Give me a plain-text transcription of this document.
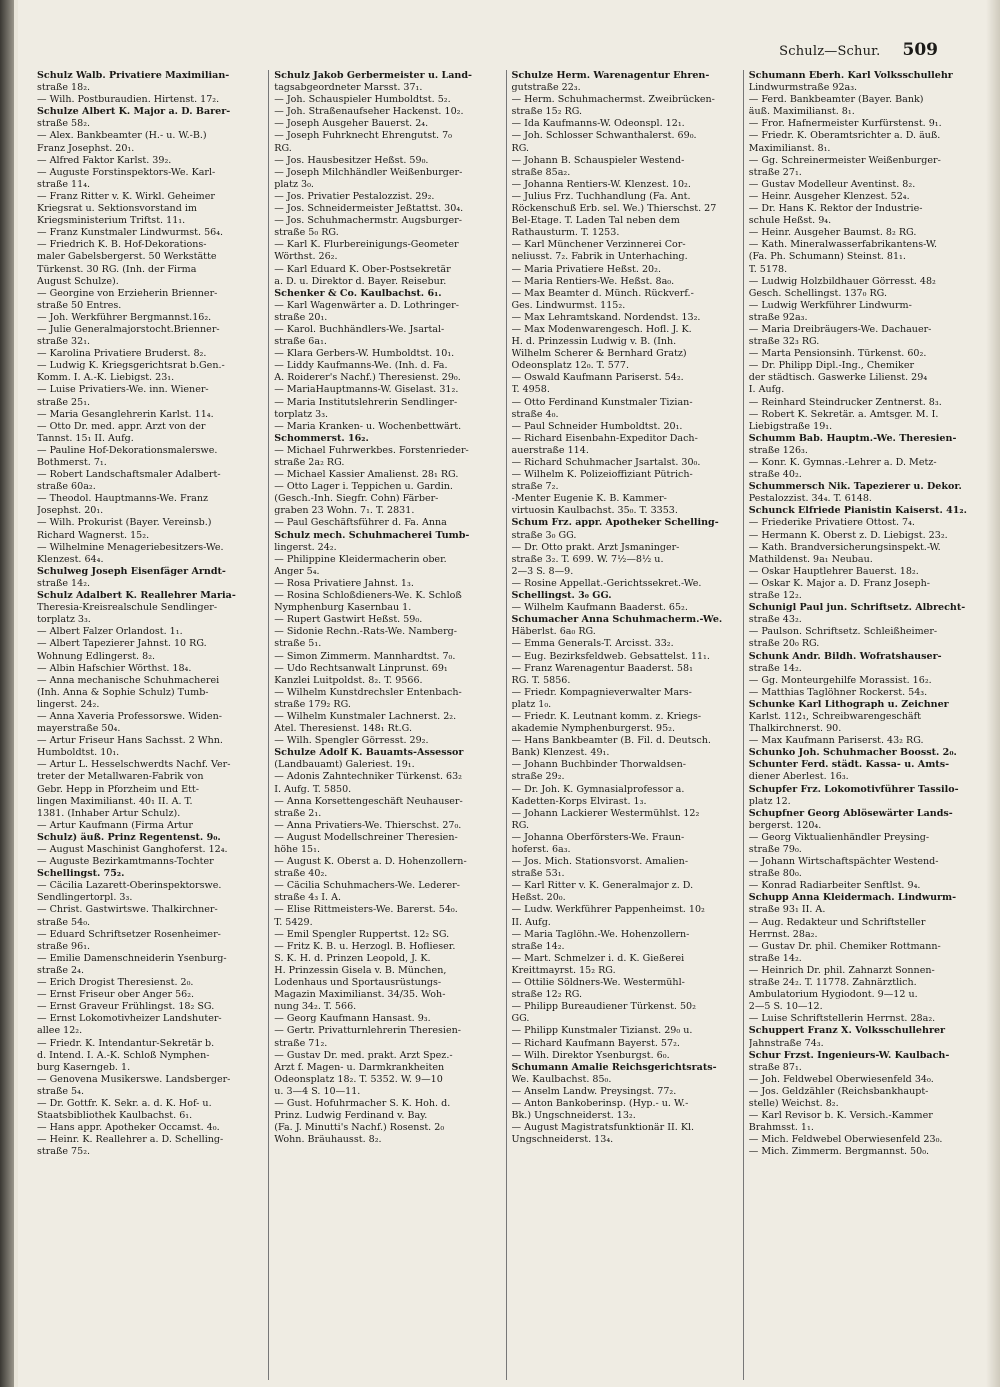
Schulz—Schur. 509
Schulz Walb. Privatiere Maximilian-
straße 18₂.
— Wilh. Postburaudien. Hirtenst. 17₂.
Schulze Albert K. Major a. D. Barer-
straße 58₂.
— Alex. Bankbeamter (H.- u. W.-B.)
Franz Josephst. 20₁.
— Alfred Faktor Karlst. 39₂.
— Auguste Forstinspektors-We. Karl-
straße 11₄.
— Franz Ritter v. K. Wirkl. Geheimer
Kriegsrat u. Sektionsvorstand im
Kriegsministerium Triftst. 11₁.
— Franz Kunstmaler Lindwurmst. 56₄.
— Friedrich K. B. Hof-Dekorations-
maler Gabelsbergerst. 50 Werkstätte
Türkenst. 30 RG. (Inh. der Firma
August Schulze).
— Georgine von Erzieherin Brienner-
straße 50 Entres.
— Joh. Werkführer Bergmannst.16₂.
— Julie Generalmajorstocht.Brienner-
straße 32₁.
— Karolina Privatiere Bruderst. 8₂.
— Ludwig K. Kriegsgerichtsrat b.Gen.-
Komm. I. A.-K. Liebigst. 23₁.
— Luise Privatiers-We. inn. Wiener-
straße 25₁.
— Maria Gesanglehrerin Karlst. 11₄.
— Otto Dr. med. appr. Arzt von der
Tannst. 15₁ II. Aufg.
— Pauline Hof-Dekorationsmalerswe.
Bothmerst. 7₁.
— Robert Landschaftsmaler Adalbert-
straße 60a₂.
— Theodol. Hauptmanns-We. Franz
Josephst. 20₁.
— Wilh. Prokurist (Bayer. Vereinsb.)
Richard Wagnerst. 15₂.
— Wilhelmine Menageriebesitzers-We.
Klenzest. 64₄.
Schulweg Joseph Eisenfäger Arndt-
straße 14₂.
Schulz Adalbert K. Reallehrer Maria-
Theresia-Kreisrealschule Sendlinger-
torplatz 3₃.
— Albert Falzer Orlandost. 1₁.
— Albert Tapezierer Jahnst. 10 RG.
Wohnung Edlingerst. 8₂.
— Albin Hafschier Wörthst. 18₄.
— Anna mechanische Schuhmacherei
(Inh. Anna & Sophie Schulz) Tumb-
lingerst. 24₂.
— Anna Xaveria Professorswe. Widen-
mayerstraße 50₄.
— Artur Friseur Hans Sachsst. 2 Whn.
Humboldtst. 10₁.
— Artur L. Hesselschwerdts Nachf. Ver-
treter der Metallwaren-Fabrik von
Gebr. Hepp in Pforzheim und Ett-
lingen Maximilianst. 40₁ II. A. T.
1381. (Inhaber Artur Schulz).
— Artur Kaufmann (Firma Artur
Schulz) äuß. Prinz Regentenst. 9₀.
— August Maschinist Ganghoferst. 12₄.
— Auguste Bezirkamtmanns-Tochter
Schellingst. 75₂.
— Cäcilia Lazarett-Oberinspektorswe.
Sendlingertorpl. 3₃.
— Christ. Gastwirtswe. Thalkirchner-
straße 54₀.
— Eduard Schriftsetzer Rosenheimer-
straße 96₁.
— Emilie Damenschneiderin Ysenburg-
straße 2₄.
— Erich Drogist Theresienst. 2₀.
— Ernst Friseur ober Anger 56₂.
— Ernst Graveur Frühlingst. 18₂ SG.
— Ernst Lokomotivheizer Landshuter-
allee 12₂.
— Friedr. K. Intendantur-Sekretär b.
d. Intend. I. A.-K. Schloß Nymphen-
burg Kaserngeb. 1.
— Genovena Musikerswe. Landsberger-
straße 5₄.
— Dr. Gottfr. K. Sekr. a. d. K. Hof- u.
Staatsbibliothek Kaulbachst. 6₁.
— Hans appr. Apotheker Occamst. 4₀.
— Heinr. K. Reallehrer a. D. Schelling-
straße 75₂.
Schulz Jakob Gerbermeister u. Land-
tagsabgeordneter Marsst. 37₁.
— Joh. Schauspieler Humboldtst. 5₂.
— Joh. Straßenaufseher Hackenst. 10₂.
— Joseph Ausgeher Bauerst. 2₄.
— Joseph Fuhrknecht Ehrengutst. 7₀
RG.
— Jos. Hausbesitzer Heßst. 59₀.
— Joseph Milchhändler Weißenburger-
platz 3₀.
— Jos. Privatier Pestalozzist. 29₂.
— Jos. Schneidermeister Jeßtattst. 30₄.
— Jos. Schuhmachermstr. Augsburger-
straße 5₀ RG.
— Karl K. Flurbereinigungs-Geometer
Wörthst. 26₂.
— Karl Eduard K. Ober-Postsekretär
a. D. u. Direktor d. Bayer. Reisebur.
Schenker & Co. Kaulbachst. 6₁.
— Karl Wagenwärter a. D. Lothringer-
straße 20₁.
— Karol. Buchhändlers-We. Jsartal-
straße 6a₁.
— Klara Gerbers-W. Humboldtst. 10₁.
— Liddy Kaufmanns-We. (Inh. d. Fa.
A. Roiderer's Nachf.) Theresienst. 29₀.
— MariaHauptmanns-W. Giselast. 31₂.
— Maria Institutslehrerin Sendlinger-
torplatz 3₃.
— Maria Kranken- u. Wochenbettwärt.
Schommerst. 16₂.
— Michael Fuhrwerkbes. Forstenrieder-
straße 2a₂ RG.
— Michael Kassier Amalienst. 28₁ RG.
— Otto Lager i. Teppichen u. Gardin.
(Gesch.-Inh. Siegfr. Cohn) Färber-
graben 23 Wohn. 7₁. T. 2831.
— Paul Geschäftsführer d. Fa. Anna
Schulz mech. Schuhmacherei Tumb-
lingerst. 24₂.
— Philippine Kleidermacherin ober.
Anger 5₄.
— Rosa Privatiere Jahnst. 1₃.
— Rosina Schloßdieners-We. K. Schloß
Nymphenburg Kasernbau 1.
— Rupert Gastwirt Heßst. 59₀.
— Sidonie Rechn.-Rats-We. Namberg-
straße 5₁.
— Simon Zimmerm. Mannhardtst. 7₀.
— Udo Rechtsanwalt Linprunst. 69₁
Kanzlei Luitpoldst. 8₂. T. 9566.
— Wilhelm Kunstdrechsler Entenbach-
straße 179₂ RG.
— Wilhelm Kunstmaler Lachnerst. 2₂.
Atel. Theresienst. 148₁ Rt.G.
— Wilh. Spengler Görresst. 29₂.
Schulze Adolf K. Bauamts-Assessor
(Landbauamt) Galeriest. 19₁.
— Adonis Zahntechniker Türkenst. 63₂
I. Aufg. T. 5850.
— Anna Korsettengeschäft Neuhauser-
straße 2₁.
— Anna Privatiers-We. Thierschst. 27₀.
— August Modellschreiner Theresien-
höhe 15₁.
— August K. Oberst a. D. Hohenzollern-
straße 40₂.
— Cäcilia Schuhmachers-We. Lederer-
straße 4₃ I. A.
— Elise Rittmeisters-We. Barerst. 54₀.
T. 5429.
— Emil Spengler Ruppertst. 12₂ SG.
— Fritz K. B. u. Herzogl. B. Hoflieser.
S. K. H. d. Prinzen Leopold, J. K.
H. Prinzessin Gisela v. B. München,
Lodenhaus und Sportausrüstungs-
Magazin Maximilianst. 34/35. Woh-
nung 34₂. T. 566.
— Georg Kaufmann Hansast. 9₃.
— Gertr. Privatturnlehrerin Theresien-
straße 71₂.
— Gustav Dr. med. prakt. Arzt Spez.-
Arzt f. Magen- u. Darmkrankheiten
Odeonsplatz 18₂. T. 5352. W. 9—10
u. 3—4 S. 10—11.
— Gust. Hofuhrmacher S. K. Hoh. d.
Prinz. Ludwig Ferdinand v. Bay.
(Fa. J. Minutti's Nachf.) Rosenst. 2₀
Wohn. Bräuhausst. 8₂.
Schulze Herm. Warenagentur Ehren-
gutstraße 22₃.
— Herm. Schuhmachermst. Zweibrücken-
straße 15₂ RG.
— Ida Kaufmanns-W. Odeonspl. 12₁.
— Joh. Schlosser Schwanthalerst. 69₀.
RG.
— Johann B. Schauspieler Westend-
straße 85a₂.
— Johanna Rentiers-W. Klenzest. 10₂.
— Julius Frz. Tuchhandlung (Fa. Ant.
Röckenschuß Erb. sel. We.) Thierschst. 27
Bel-Etage. T. Laden Tal neben dem
Rathausturm. T. 1253.
— Karl Münchener Verzinnerei Cor-
neliusst. 7₂. Fabrik in Unterhaching.
— Maria Privatiere Heßst. 20₂.
— Maria Rentiers-We. Heßst. 8a₀.
— Max Beamter d. Münch. Rückverf.-
Ges. Lindwurmst. 115₂.
— Max Lehramtskand. Nordendst. 13₂.
— Max Modenwarengesch. Hofl. J. K.
H. d. Prinzessin Ludwig v. B. (Inh.
Wilhelm Scherer & Bernhard Gratz)
Odeonsplatz 12₀. T. 577.
— Oswald Kaufmann Pariserst. 54₂.
T. 4958.
— Otto Ferdinand Kunstmaler Tizian-
straße 4₀.
— Paul Schneider Humboldtst. 20₁.
— Richard Eisenbahn-Expeditor Dach-
auerstraße 114.
— Richard Schuhmacher Jsartalst. 30₀.
— Wilhelm K. Polizeioffiziant Pütrich-
straße 7₂.
-Menter Eugenie K. B. Kammer-
virtuosin Kaulbachst. 35₀. T. 3353.
Schum Frz. appr. Apotheker Schelling-
straße 3₀ GG.
— Dr. Otto prakt. Arzt Jsmaninger-
straße 3₂. T. 699. W. 7½—8½ u.
2—3 S. 8—9.
— Rosine Appellat.-Gerichtssekret.-We.
Schellingst. 3₀ GG.
— Wilhelm Kaufmann Baaderst. 65₂.
Schumacher Anna Schuhmacherm.-We.
Häberlst. 6a₀ RG.
— Emma Generals-T. Arcisst. 33₂.
— Eug. Bezirksfeldweb. Gebsattelst. 11₁.
— Franz Warenagentur Baaderst. 58₁
RG. T. 5856.
— Friedr. Kompagnieverwalter Mars-
platz 1₀.
— Friedr. K. Leutnant komm. z. Kriegs-
akademie Nymphenburgerst. 95₂.
— Hans Bankbeamter (B. Fil. d. Deutsch.
Bank) Klenzest. 49₁.
— Johann Buchbinder Thorwaldsen-
straße 29₂.
— Dr. Joh. K. Gymnasialprofessor a.
Kadetten-Korps Elvirast. 1₃.
— Johann Lackierer Westermühlst. 12₂
RG.
— Johanna Oberförsters-We. Fraun-
hoferst. 6a₃.
— Jos. Mich. Stationsvorst. Amalien-
straße 53₁.
— Karl Ritter v. K. Generalmajor z. D.
Heßst. 20₀.
— Ludw. Werkführer Pappenheimst. 10₂
II. Aufg.
— Maria Taglöhn.-We. Hohenzollern-
straße 14₂.
— Mart. Schmelzer i. d. K. Gießerei
Kreittmayrst. 15₂ RG.
— Ottilie Söldners-We. Westermühl-
straße 12₂ RG.
— Philipp Bureaudiener Türkenst. 50₂
GG.
— Philipp Kunstmaler Tizianst. 29₀ u.
— Richard Kaufmann Bayerst. 57₂.
— Wilh. Direktor Ysenburgst. 6₀.
Schumann Amalie Reichsgerichtsrats-
We. Kaulbachst. 85₀.
— Anselm Landw. Preysingst. 77₂.
— Anton Bankoberinsp. (Hyp.- u. W.-
Bk.) Ungschneiderst. 13₂.
— August Magistratsfunktionär II. Kl.
Ungschneiderst. 13₄.
Schumann Eberh. Karl Volksschullehr
Lindwurmstraße 92a₃.
— Ferd. Bankbeamter (Bayer. Bank)
äuß. Maximilianst. 8₁.
— Fror. Hafnermeister Kurfürstenst. 9₁.
— Friedr. K. Oberamtsrichter a. D. äuß.
Maximilianst. 8₁.
— Gg. Schreinermeister Weißenburger-
straße 27₁.
— Gustav Modelleur Aventinst. 8₂.
— Heinr. Ausgeher Klenzest. 52₄.
— Dr. Hans K. Rektor der Industrie-
schule Heßst. 9₄.
— Heinr. Ausgeher Baumst. 8₂ RG.
— Kath. Mineralwasserfabrikantens-W.
(Fa. Ph. Schumann) Steinst. 81₁.
T. 5178.
— Ludwig Holzbildhauer Görresst. 48₂
Gesch. Schellingst. 137₀ RG.
— Ludwig Werkführer Lindwurm-
straße 92a₃.
— Maria Dreibräugers-We. Dachauer-
straße 32₃ RG.
— Marta Pensionsinh. Türkenst. 60₂.
— Dr. Philipp Dipl.-Ing., Chemiker
der städtisch. Gaswerke Lilienst. 29₄
I. Aufg.
— Reinhard Steindrucker Zentnerst. 8₃.
— Robert K. Sekretär. a. Amtsger. M. I.
Liebigstraße 19₁.
Schumm Bab. Hauptm.-We. Theresien-
straße 126₃.
— Konr. K. Gymnas.-Lehrer a. D. Metz-
straße 40₂.
Schummersch Nik. Tapezierer u. Dekor.
Pestalozzist. 34₄. T. 6148.
Schunck Elfriede Pianistin Kaiserst. 41₂.
— Friederike Privatiere Ottost. 7₄.
— Hermann K. Oberst z. D. Liebigst. 23₂.
— Kath. Brandversicherungsinspekt.-W.
Mathildenst. 9a₁ Neubau.
— Oskar Hauptlehrer Bauerst. 18₂.
— Oskar K. Major a. D. Franz Joseph-
straße 12₂.
Schunigl Paul jun. Schriftsetz. Albrecht-
straße 43₂.
— Paulson. Schriftsetz. Schleißheimer-
straße 20₀ RG.
Schunk Andr. Bildh. Wofratshauser-
straße 14₂.
— Gg. Monteurgehilfe Morassist. 16₂.
— Matthias Taglöhner Rockerst. 54₃.
Schunke Karl Lithograph u. Zeichner
Karlst. 112₁, Schreibwarengeschäft
Thalkirchnerst. 90.
— Max Kaufmann Pariserst. 43₂ RG.
Schunko Joh. Schuhmacher Boosst. 2₀.
Schunter Ferd. städt. Kassa- u. Amts-
diener Aberlest. 16₃.
Schupfer Frz. Lokomotivführer Tassilo-
platz 12.
Schupfner Georg Ablösewärter Lands-
bergerst. 120₄.
— Georg Viktualienhändler Preysing-
straße 79₀.
— Johann Wirtschaftspächter Westend-
straße 80₀.
— Konrad Radiarbeiter Senftlst. 9₄.
Schupp Anna Kleidermach. Lindwurm-
straße 93₁ II. A.
— Aug. Redakteur und Schriftsteller
Herrnst. 28a₂.
— Gustav Dr. phil. Chemiker Rottmann-
straße 14₂.
— Heinrich Dr. phil. Zahnarzt Sonnen-
straße 24₂. T. 11778. Zahnärztlich.
Ambulatorium Hygiodont. 9—12 u.
2—5 S. 10—12.
— Luise Schriftstellerin Herrnst. 28a₂.
Schuppert Franz X. Volksschullehrer
Jahnstraße 74₃.
Schur Frzst. Ingenieurs-W. Kaulbach-
straße 87₁.
— Joh. Feldwebel Oberwiesenfeld 34₀.
— Jos. Geldzähler (Reichsbankhaupt-
stelle) Weichst. 8₂.
— Karl Revisor b. K. Versich.-Kammer
Brahmsst. 1₁.
— Mich. Feldwebel Oberwiesenfeld 23₀.
— Mich. Zimmerm. Bergmannst. 50₀.
